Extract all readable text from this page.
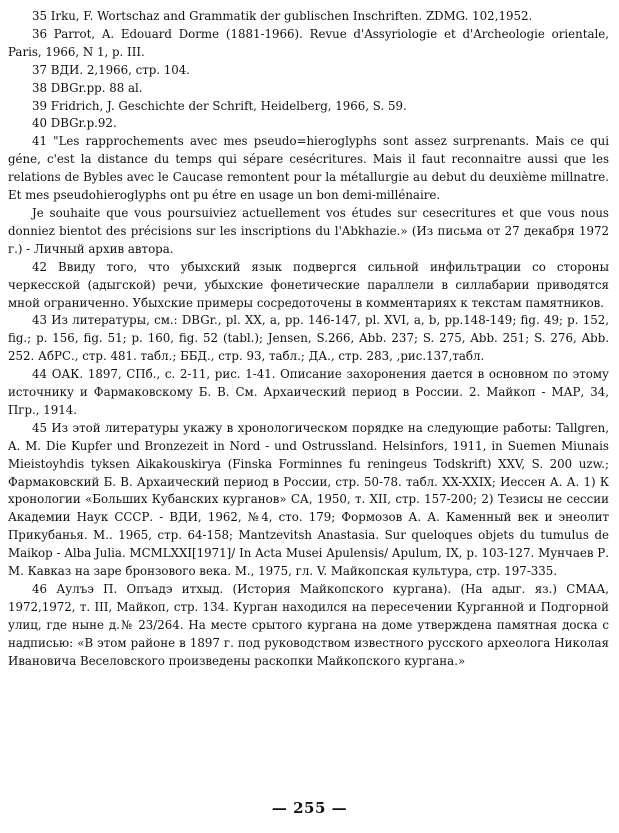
35 Irku, F. Wortschaz and Grammatik der gublischen Inschriften. ZDMG. 102,1952.

36 Parrot, A. Edouard Dorme (1881-1966). Revue d'Assyriologie et d'Archeologie orientale, Paris, 1966, N 1, p. III.

37 ВДИ. 2,1966, стр. 104.

38 DBGr.pp. 88 al.

39 Fridrich, J. Geschichte der Schrift, Heidelberg, 1966, S. 59.

40 DBGr.p.92.

41 "Les rapprochements avec mes pseudo=hieroglyphs sont assez surprenants. Mais ce qui géne, c'est la distance du temps qui sépare cesécritures. Mais il faut reconnaitre aussi que les relations de Bybles avec le Caucase remontent pour la métallurgie au debut du deuxième millnatre. Et mes pseudohieroglyphs ont pu étre en usage un bon demi-millénaire.

Je souhaite que vous poursuiviez actuellement vos études sur cesecritures et que vous nous donniez bientot des précisions sur les inscriptions du l'Abkhazie.» (Из письма от 27 декабря 1972 г.) - Личный архив автора.

42 Ввиду того, что убыхский язык подвергся сильной инфильтрации со стороны черкесской (адыгской) речи, убыхские фонетические параллели в силлабарии приводятся мной ограниченно. Убыхские примеры сосредоточены в комментариях к текстам памятников.

43 Из литературы, см.: DBGr., pl. XX, a, pp. 146-147, pl. XVI, a, b, pp.148-149; fig. 49; p. 152, fig.; p. 156, fig. 51; p. 160, fig. 52 (tabl.); Jensen, S.266, Abb. 237; S. 275, Abb. 251; S. 276, Abb. 252. АбРС., стр. 481. табл.; ББД., стр. 93, табл.; ДА., стр. 283, ,рис.137,табл.

44 ОАК. 1897, СПб., с. 2-11, рис. 1-41. Описание захоронения дается в основном по этому источнику и Фармаковскому Б. В. См. Архаический период в России. 2. Майкоп - МАР, 34, Пгр., 1914.

45 Из этой литературы укажу в хронологическом порядке на следующие работы: Tallgren, A. M. Die Kupfer und Bronzezeit in Nord - und Ostrussland. Helsinfors, 1911, in Suemen Miunais Mieistoyhdis tyksen Aikakouskirya (Finska Forminnes fu reningeus Todskrift) XXV, S. 200 uzw.; Фармаковский Б. В. Архаический период в России, стр. 50-78. табл. XX-XXIX; Иессен А. А. 1) К хронологии «Больших Кубанских курганов» СА, 1950, т. XII, стр. 157-200; 2) Тезисы не сессии Академии Наук СССР. - ВДИ, 1962, №4, сто. 179; Формозов А. А. Каменный век и энеолит Прикубанья. М.. 1965, стр. 64-158; Mantzevitsh Anastasia. Sur queloques objets du tumulus de Maikop - Alba Julia. MCMLXXI[1971]/ In Acta Musei Apulensis/ Apulum, IX, p. 103-127. Мунчаев Р. М. Кавказ на заре бронзового века. М., 1975, гл. V. Майкопская культура, стр. 197-335.

46 Аулъэ П. Опъадэ итхыд. (История Майкопского кургана). (На адыг. яз.) СМАА, 1972,1972, т. III, Майкоп, стр. 134. Курган находился на пересечении Курганной и Подгорной улиц, где ныне д.№ 23/264. На месте срытого кургана на доме утверждена памятная доска с надписью: «В этом районе в 1897 г. под руководством известного русского археолога Николая Ивановича Веселовского произведены раскопки Майкопского кургана.»

— 255 —
